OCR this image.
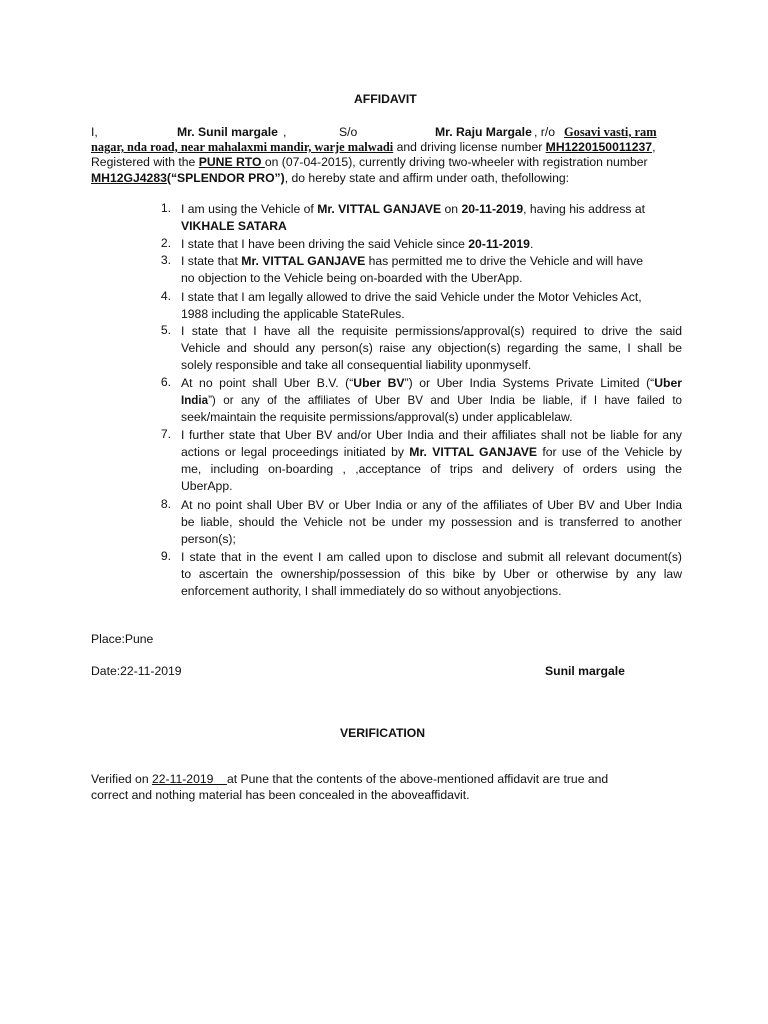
AFFIDAVIT
I,	Mr. Sunil margale ,	S/o	Mr. Raju Margale , r/o Gosavi vasti, ram
nagar, nda road, near mahalaxmi mandir, warje malwadi and driving license number MH1220150011237,
Registered with the PUNE RTO on (07-04-2015), currently driving two-wheeler with registration number
MH12GJ4283(“SPLENDOR PRO”), do hereby state and affirm under oath, thefollowing:
1. I am using the Vehicle of Mr. VITTAL GANJAVE on 20-11-2019, having his address at
VIKHALE SATARA
2. I state that I have been driving the said Vehicle since 20-11-2019.
3. I state that Mr. VITTAL GANJAVE has permitted me to drive the Vehicle and will have
no objection to the Vehicle being on-boarded with the UberApp.
4. I state that I am legally allowed to drive the said Vehicle under the Motor Vehicles Act,
1988 including the applicable StateRules.
5. I state that I have all the requisite permissions/approval(s) required to drive the said
Vehicle and should any person(s) raise any objection(s) regarding the same, I shall be
solely responsible and take all consequential liability uponmyself.
6. At no point shall Uber B.V. (“Uber BV”) or Uber India Systems Private Limited (“Uber
India”) or any of the affiliates of Uber BV and Uber India be liable, if I have failed to
seek/maintain the requisite permissions/approval(s) under applicablelaw.
7. I further state that Uber BV and/or Uber India and their affiliates shall not be liable for any
actions or legal proceedings initiated by Mr. VITTAL GANJAVE for use of the Vehicle by
me, including on-boarding , ,acceptance of trips and delivery of orders using the
UberApp.
8. At no point shall Uber BV or Uber India or any of the affiliates of Uber BV and Uber India
be liable, should the Vehicle not be under my possession and is transferred to another
person(s);
9. I state that in the event I am called upon to disclose and submit all relevant document(s)
to ascertain the ownership/possession of this bike by Uber or otherwise by any law
enforcement authority, I shall immediately do so without anyobjections.
Place:Pune
Date:22-11-2019	Sunil margale
VERIFICATION
Verified on 22-11-2019    at Pune that the contents of the above-mentioned affidavit are true and
correct and nothing material has been concealed in the aboveaffidavit.
